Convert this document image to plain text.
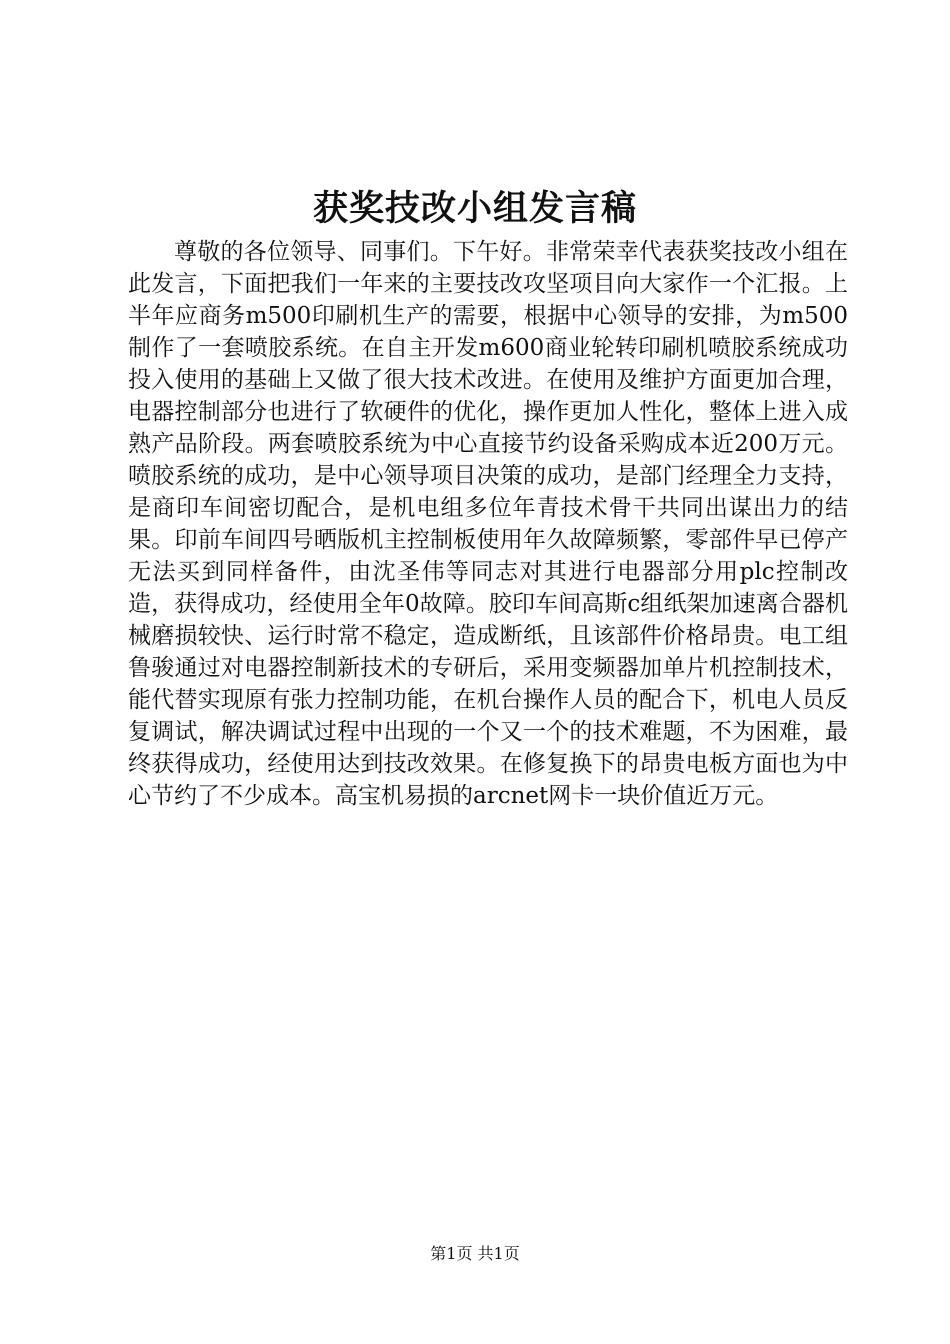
获奖技改小组发言稿

尊敬的各位领导、同事们。下午好。非常荣幸代表获奖技改小组在此发言，下面把我们一年来的主要技改攻坚项目向大家作一个汇报。上半年应商务m500印刷机生产的需要，根据中心领导的安排，为m500制作了一套喷胶系统。在自主开发m600商业轮转印刷机喷胶系统成功投入使用的基础上又做了很大技术改进。在使用及维护方面更加合理，电器控制部分也进行了软硬件的优化，操作更加人性化，整体上进入成熟产品阶段。两套喷胶系统为中心直接节约设备采购成本近200万元。喷胶系统的成功，是中心领导项目决策的成功，是部门经理全力支持，是商印车间密切配合，是机电组多位年青技术骨干共同出谋出力的结果。印前车间四号晒版机主控制板使用年久故障频繁，零部件早已停产无法买到同样备件，由沈圣伟等同志对其进行电器部分用plc控制改造，获得成功，经使用全年0故障。胶印车间高斯c组纸架加速离合器机械磨损较快、运行时常不稳定，造成断纸，且该部件价格昂贵。电工组鲁骏通过对电器控制新技术的专研后，采用变频器加单片机控制技术，能代替实现原有张力控制功能，在机台操作人员的配合下，机电人员反复调试，解决调试过程中出现的一个又一个的技术难题，不为困难，最终获得成功，经使用达到技改效果。在修复换下的昂贵电板方面也为中心节约了不少成本。高宝机易损的arcnet网卡一块价值近万元。

第1页 共1页
